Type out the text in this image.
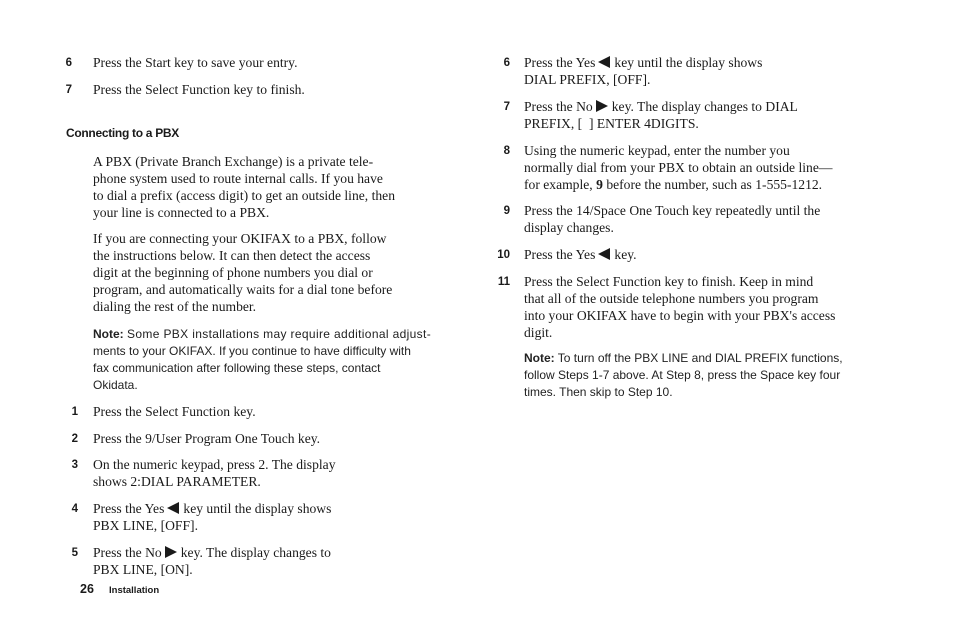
6 Press the Start key to save your entry.
7 Press the Select Function key to finish.
Connecting to a PBX
A PBX (Private Branch Exchange) is a private tele-
phone system used to route internal calls. If you have
to dial a prefix (access digit) to get an outside line, then
your line is connected to a PBX.
If you are connecting your OKIFAX to a PBX, follow
the instructions below. It can then detect the access
digit at the beginning of phone numbers you dial or
program, and automatically waits for a dial tone before
dialing the rest of the number.
Note: Some PBX installations may require additional adjust-
ments to your OKIFAX. If you continue to have difficulty with
fax communication after following these steps, contact
Okidata.
1 Press the Select Function key.
2 Press the 9/User Program One Touch key.
3 On the numeric keypad, press 2. The display
shows 2:DIAL PARAMETER.
4 Press the Yes key until the display shows
PBX LINE, [OFF].
5 Press the No key. The display changes to
PBX LINE, [ON].
6 Press the Yes key until the display shows
DIAL PREFIX, [OFF].
7 Press the No key. The display changes to DIAL
PREFIX, [  ] ENTER 4DIGITS.
8 Using the numeric keypad, enter the number you
normally dial from your PBX to obtain an outside line—
for example, 9 before the number, such as 1-555-1212.
9 Press the 14/Space One Touch key repeatedly until the
display changes.
10 Press the Yes key.
11 Press the Select Function key to finish. Keep in mind
that all of the outside telephone numbers you program
into your OKIFAX have to begin with your PBX's access
digit.
Note: To turn off the PBX LINE and DIAL PREFIX functions,
follow Steps 1-7 above. At Step 8, press the Space key four
times. Then skip to Step 10.
26 Installation
